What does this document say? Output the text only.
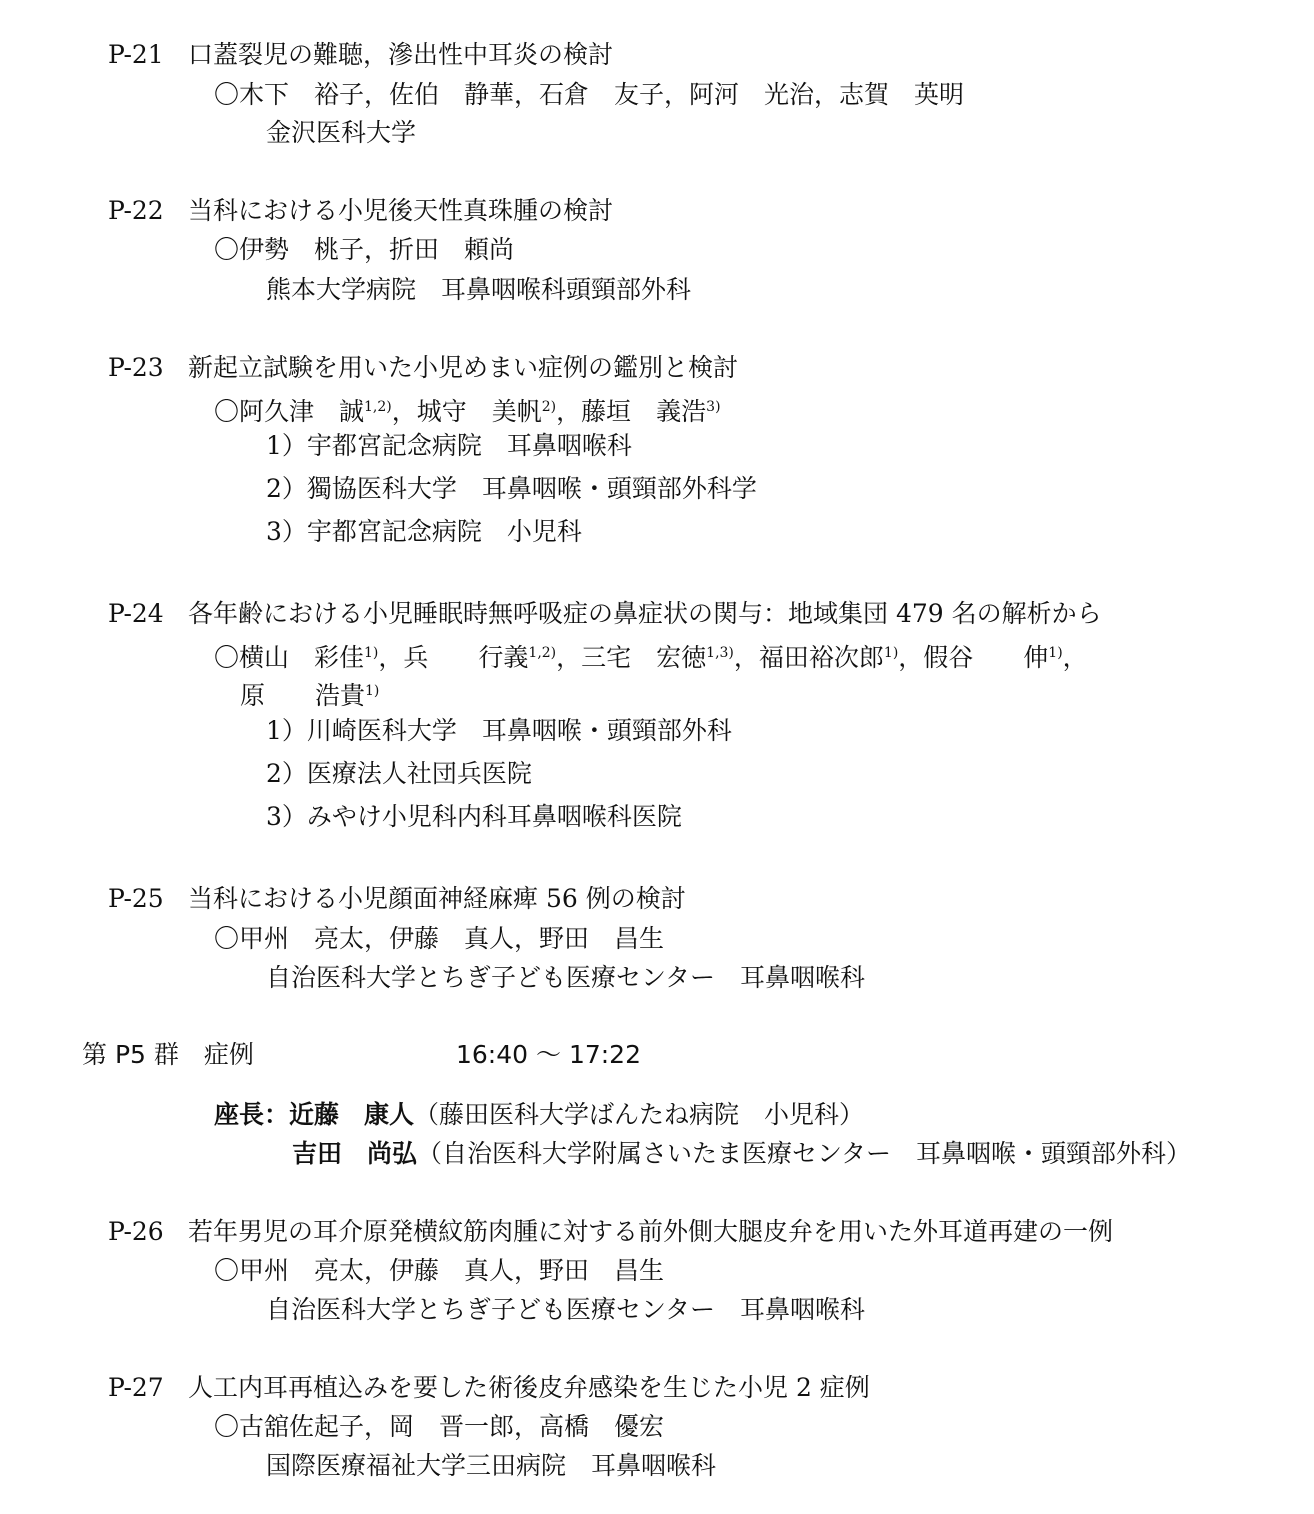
P-21 口蓋裂児の難聴，滲出性中耳炎の検討
〇木下　裕子，佐伯　静華，石倉　友子，阿河　光治，志賀　英明
金沢医科大学
P-22 当科における小児後天性真珠腫の検討
〇伊勢　桃子，折田　頼尚
熊本大学病院　耳鼻咽喉科頭頸部外科
P-23 新起立試験を用いた小児めまい症例の鑑別と検討
〇阿久津　誠$^{1,2)}$，城守　美帆$^{2)}$，藤垣　義浩$^{3)}$
1）宇都宮記念病院　耳鼻咽喉科
2）獨協医科大学　耳鼻咽喉・頭頸部外科学
3）宇都宮記念病院　小児科
P-24 各年齢における小児睡眠時無呼吸症の鼻症状の関与：地域集団 479 名の解析から
〇横山　彩佳$^{1)}$，兵　　行義$^{1,2)}$，三宅　宏徳$^{1,3)}$，福田裕次郎$^{1)}$，假谷　　伸$^{1)}$，
原　　浩貴$^{1)}$
1）川崎医科大学　耳鼻咽喉・頭頸部外科
2）医療法人社団兵医院
3）みやけ小児科内科耳鼻咽喉科医院
P-25 当科における小児顔面神経麻痺 56 例の検討
〇甲州　亮太，伊藤　真人，野田　昌生
自治医科大学とちぎ子ども医療センター　耳鼻咽喉科
第 P5 群　症例	16:40 ～ 17:22
座長：近藤　康人（藤田医科大学ばんたね病院　小児科）
吉田　尚弘（自治医科大学附属さいたま医療センター　耳鼻咽喉・頭頸部外科）
P-26 若年男児の耳介原発横紋筋肉腫に対する前外側大腿皮弁を用いた外耳道再建の一例
〇甲州　亮太，伊藤　真人，野田　昌生
自治医科大学とちぎ子ども医療センター　耳鼻咽喉科
P-27 人工内耳再植込みを要した術後皮弁感染を生じた小児 2 症例
〇古舘佐起子，岡　晋一郎，高橋　優宏
国際医療福祉大学三田病院　耳鼻咽喉科
